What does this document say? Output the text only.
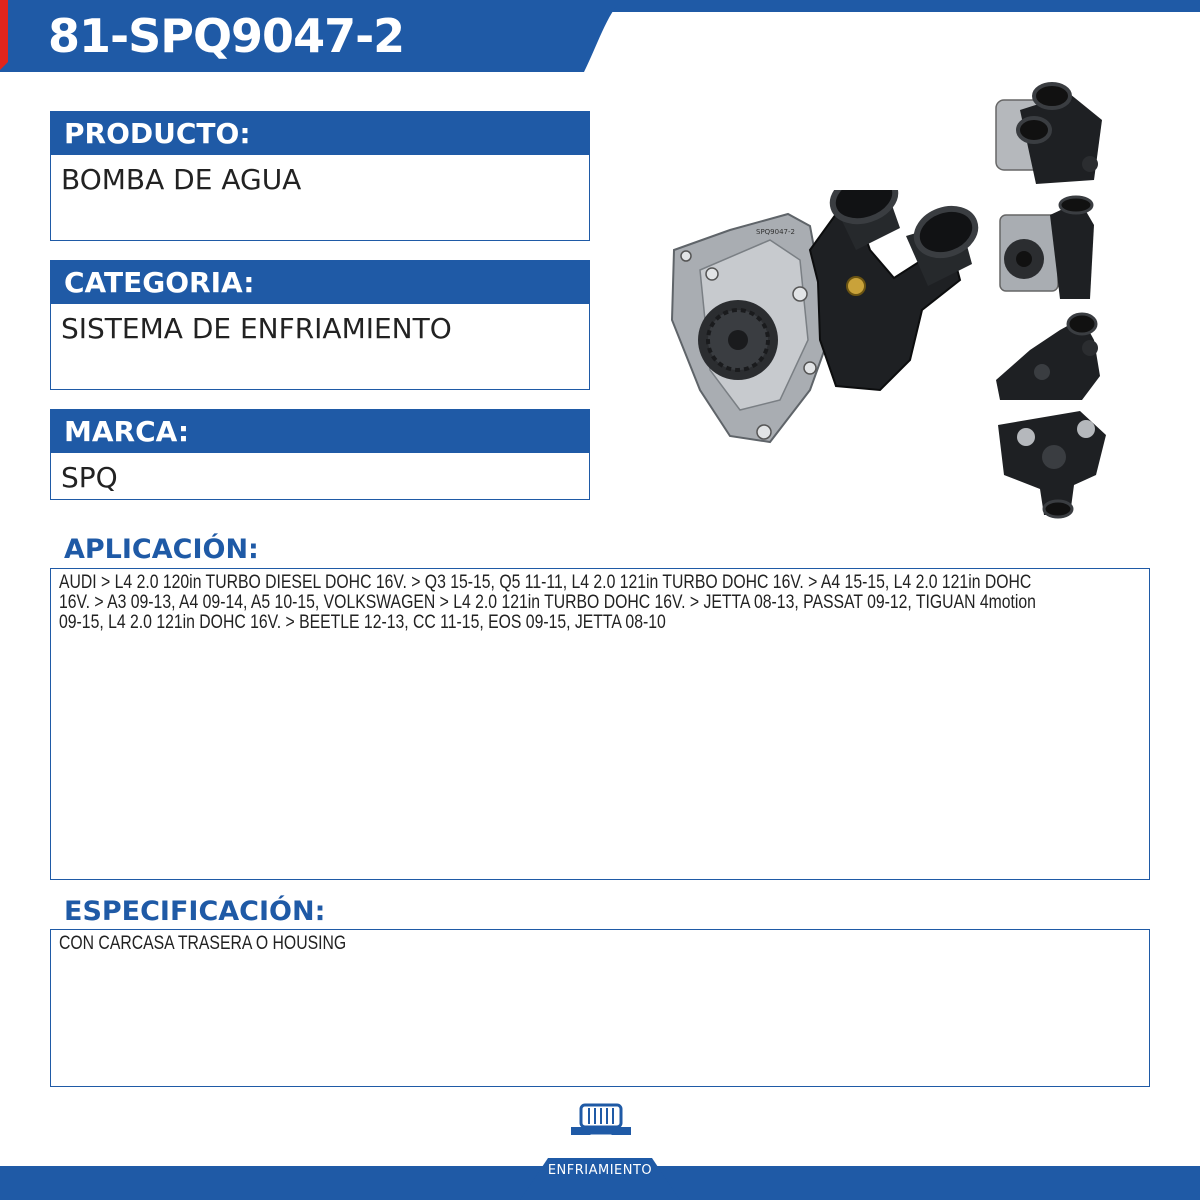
81-SPQ9047-2
PRODUCTO:
BOMBA DE AGUA
CATEGORIA:
SISTEMA DE ENFRIAMIENTO
MARCA:
SPQ
SPQ9047-2
APLICACIÓN:
AUDI > L4 2.0 120in TURBO DIESEL DOHC 16V. > Q3 15-15, Q5 11-11, L4 2.0 121in TURBO DOHC 16V. > A4 15-15, L4 2.0 121in DOHC
16V. > A3 09-13, A4 09-14, A5 10-15, VOLKSWAGEN > L4 2.0 121in TURBO DOHC 16V. > JETTA 08-13, PASSAT 09-12, TIGUAN 4motion
09-15, L4 2.0 121in DOHC 16V. > BEETLE 12-13, CC 11-15, EOS 09-15, JETTA 08-10
ESPECIFICACIÓN:
CON CARCASA TRASERA O HOUSING
ENFRIAMIENTO
